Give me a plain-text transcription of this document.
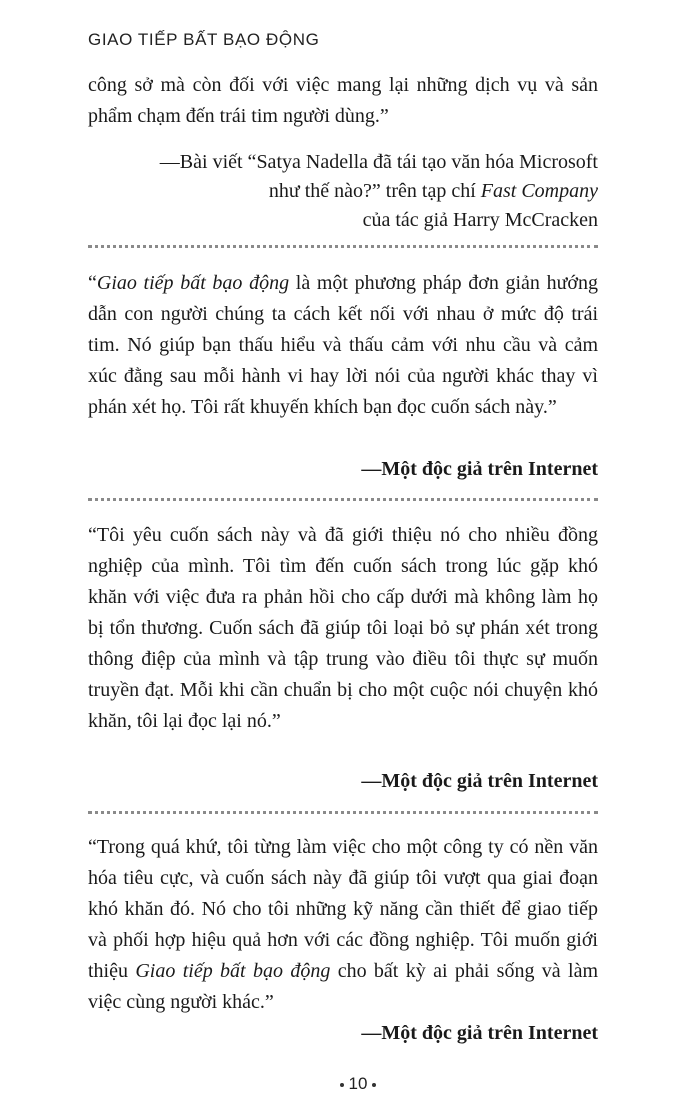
GIAO TIẾP BẤT BẠO ĐỘNG

công sở mà còn đối với việc mang lại những dịch vụ và sản phẩm chạm đến trái tim người dùng.”

—Bài viết “Satya Nadella đã tái tạo văn hóa Microsoft
như thế nào?” trên tạp chí Fast Company
của tác giả Harry McCracken

“Giao tiếp bất bạo động là một phương pháp đơn giản hướng dẫn con người chúng ta cách kết nối với nhau ở mức độ trái tim. Nó giúp bạn thấu hiểu và thấu cảm với nhu cầu và cảm xúc đằng sau mỗi hành vi hay lời nói của người khác thay vì phán xét họ. Tôi rất khuyến khích bạn đọc cuốn sách này.”

—Một độc giả trên Internet

“Tôi yêu cuốn sách này và đã giới thiệu nó cho nhiều đồng nghiệp của mình. Tôi tìm đến cuốn sách trong lúc gặp khó khăn với việc đưa ra phản hồi cho cấp dưới mà không làm họ bị tổn thương. Cuốn sách đã giúp tôi loại bỏ sự phán xét trong thông điệp của mình và tập trung vào điều tôi thực sự muốn truyền đạt. Mỗi khi cần chuẩn bị cho một cuộc nói chuyện khó khăn, tôi lại đọc lại nó.”

—Một độc giả trên Internet

“Trong quá khứ, tôi từng làm việc cho một công ty có nền văn hóa tiêu cực, và cuốn sách này đã giúp tôi vượt qua giai đoạn khó khăn đó. Nó cho tôi những kỹ năng cần thiết để giao tiếp và phối hợp hiệu quả hơn với các đồng nghiệp. Tôi muốn giới thiệu Giao tiếp bất bạo động cho bất kỳ ai phải sống và làm việc cùng người khác.”

—Một độc giả trên Internet
10
